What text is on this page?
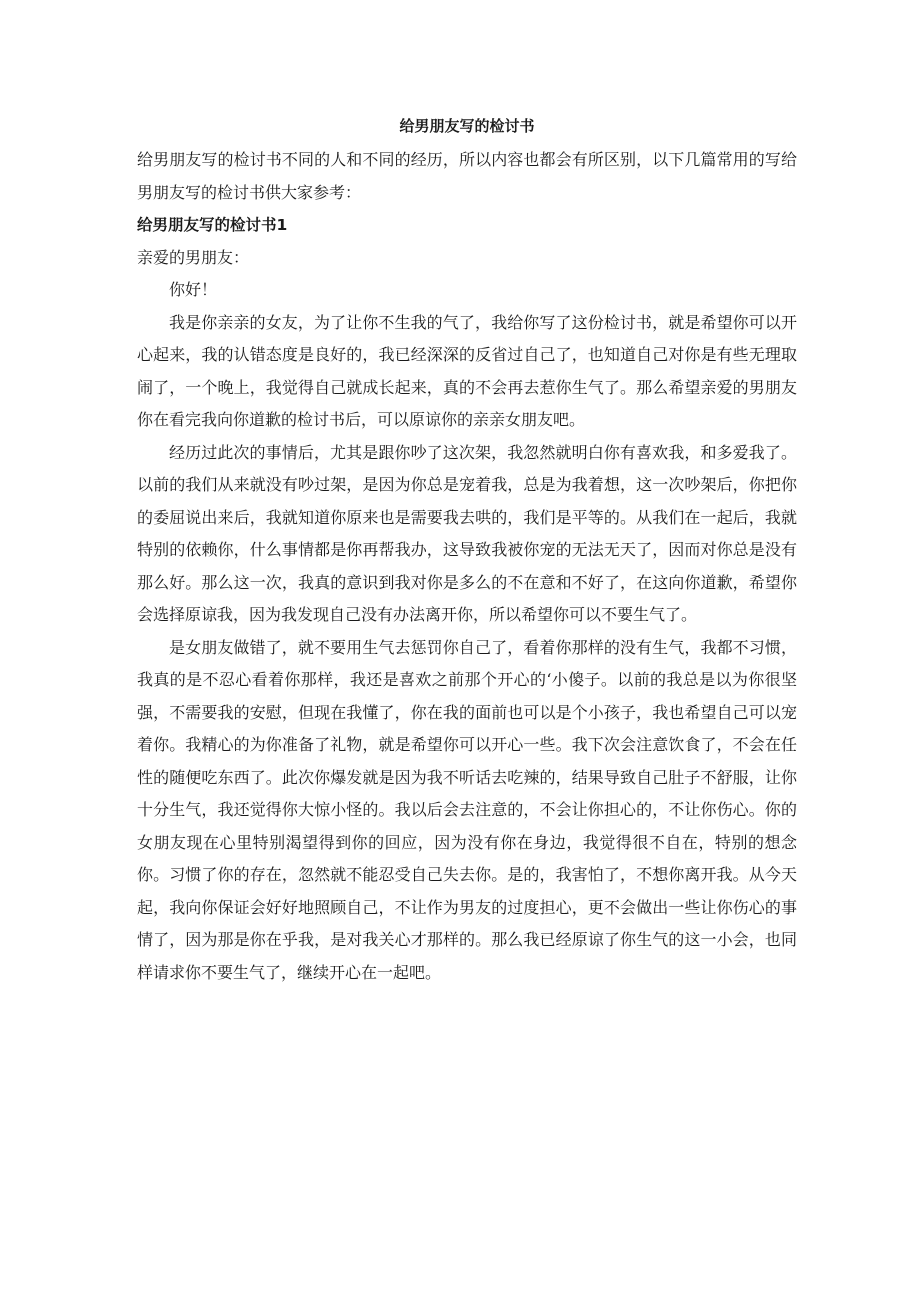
给男朋友写的检讨书

给男朋友写的检讨书不同的人和不同的经历，所以内容也都会有所区别，以下几篇常用的写给男朋友写的检讨书供大家参考：

给男朋友写的检讨书1

亲爱的男朋友：

你好！

我是你亲亲的女友，为了让你不生我的气了，我给你写了这份检讨书，就是希望你可以开心起来，我的认错态度是良好的，我已经深深的反省过自己了，也知道自己对你是有些无理取闹了，一个晚上，我觉得自己就成长起来，真的不会再去惹你生气了。那么希望亲爱的男朋友你在看完我向你道歉的检讨书后，可以原谅你的亲亲女朋友吧。

经历过此次的事情后，尤其是跟你吵了这次架，我忽然就明白你有喜欢我，和多爱我了。以前的我们从来就没有吵过架，是因为你总是宠着我，总是为我着想，这一次吵架后，你把你的委屈说出来后，我就知道你原来也是需要我去哄的，我们是平等的。从我们在一起后，我就特别的依赖你，什么事情都是你再帮我办，这导致我被你宠的无法无天了，因而对你总是没有那么好。那么这一次，我真的意识到我对你是多么的不在意和不好了，在这向你道歉，希望你会选择原谅我，因为我发现自己没有办法离开你，所以希望你可以不要生气了。

是女朋友做错了，就不要用生气去惩罚你自己了，看着你那样的没有生气，我都不习惯，我真的是不忍心看着你那样，我还是喜欢之前那个开心的‘小傻子。以前的我总是以为你很坚强，不需要我的安慰，但现在我懂了，你在我的面前也可以是个小孩子，我也希望自己可以宠着你。我精心的为你准备了礼物，就是希望你可以开心一些。我下次会注意饮食了，不会在任性的随便吃东西了。此次你爆发就是因为我不听话去吃辣的，结果导致自己肚子不舒服，让你十分生气，我还觉得你大惊小怪的。我以后会去注意的，不会让你担心的，不让你伤心。你的女朋友现在心里特别渴望得到你的回应，因为没有你在身边，我觉得很不自在，特别的想念你。习惯了你的存在，忽然就不能忍受自己失去你。是的，我害怕了，不想你离开我。从今天起，我向你保证会好好地照顾自己，不让作为男友的过度担心，更不会做出一些让你伤心的事情了，因为那是你在乎我，是对我关心才那样的。那么我已经原谅了你生气的这一小会，也同样请求你不要生气了，继续开心在一起吧。
